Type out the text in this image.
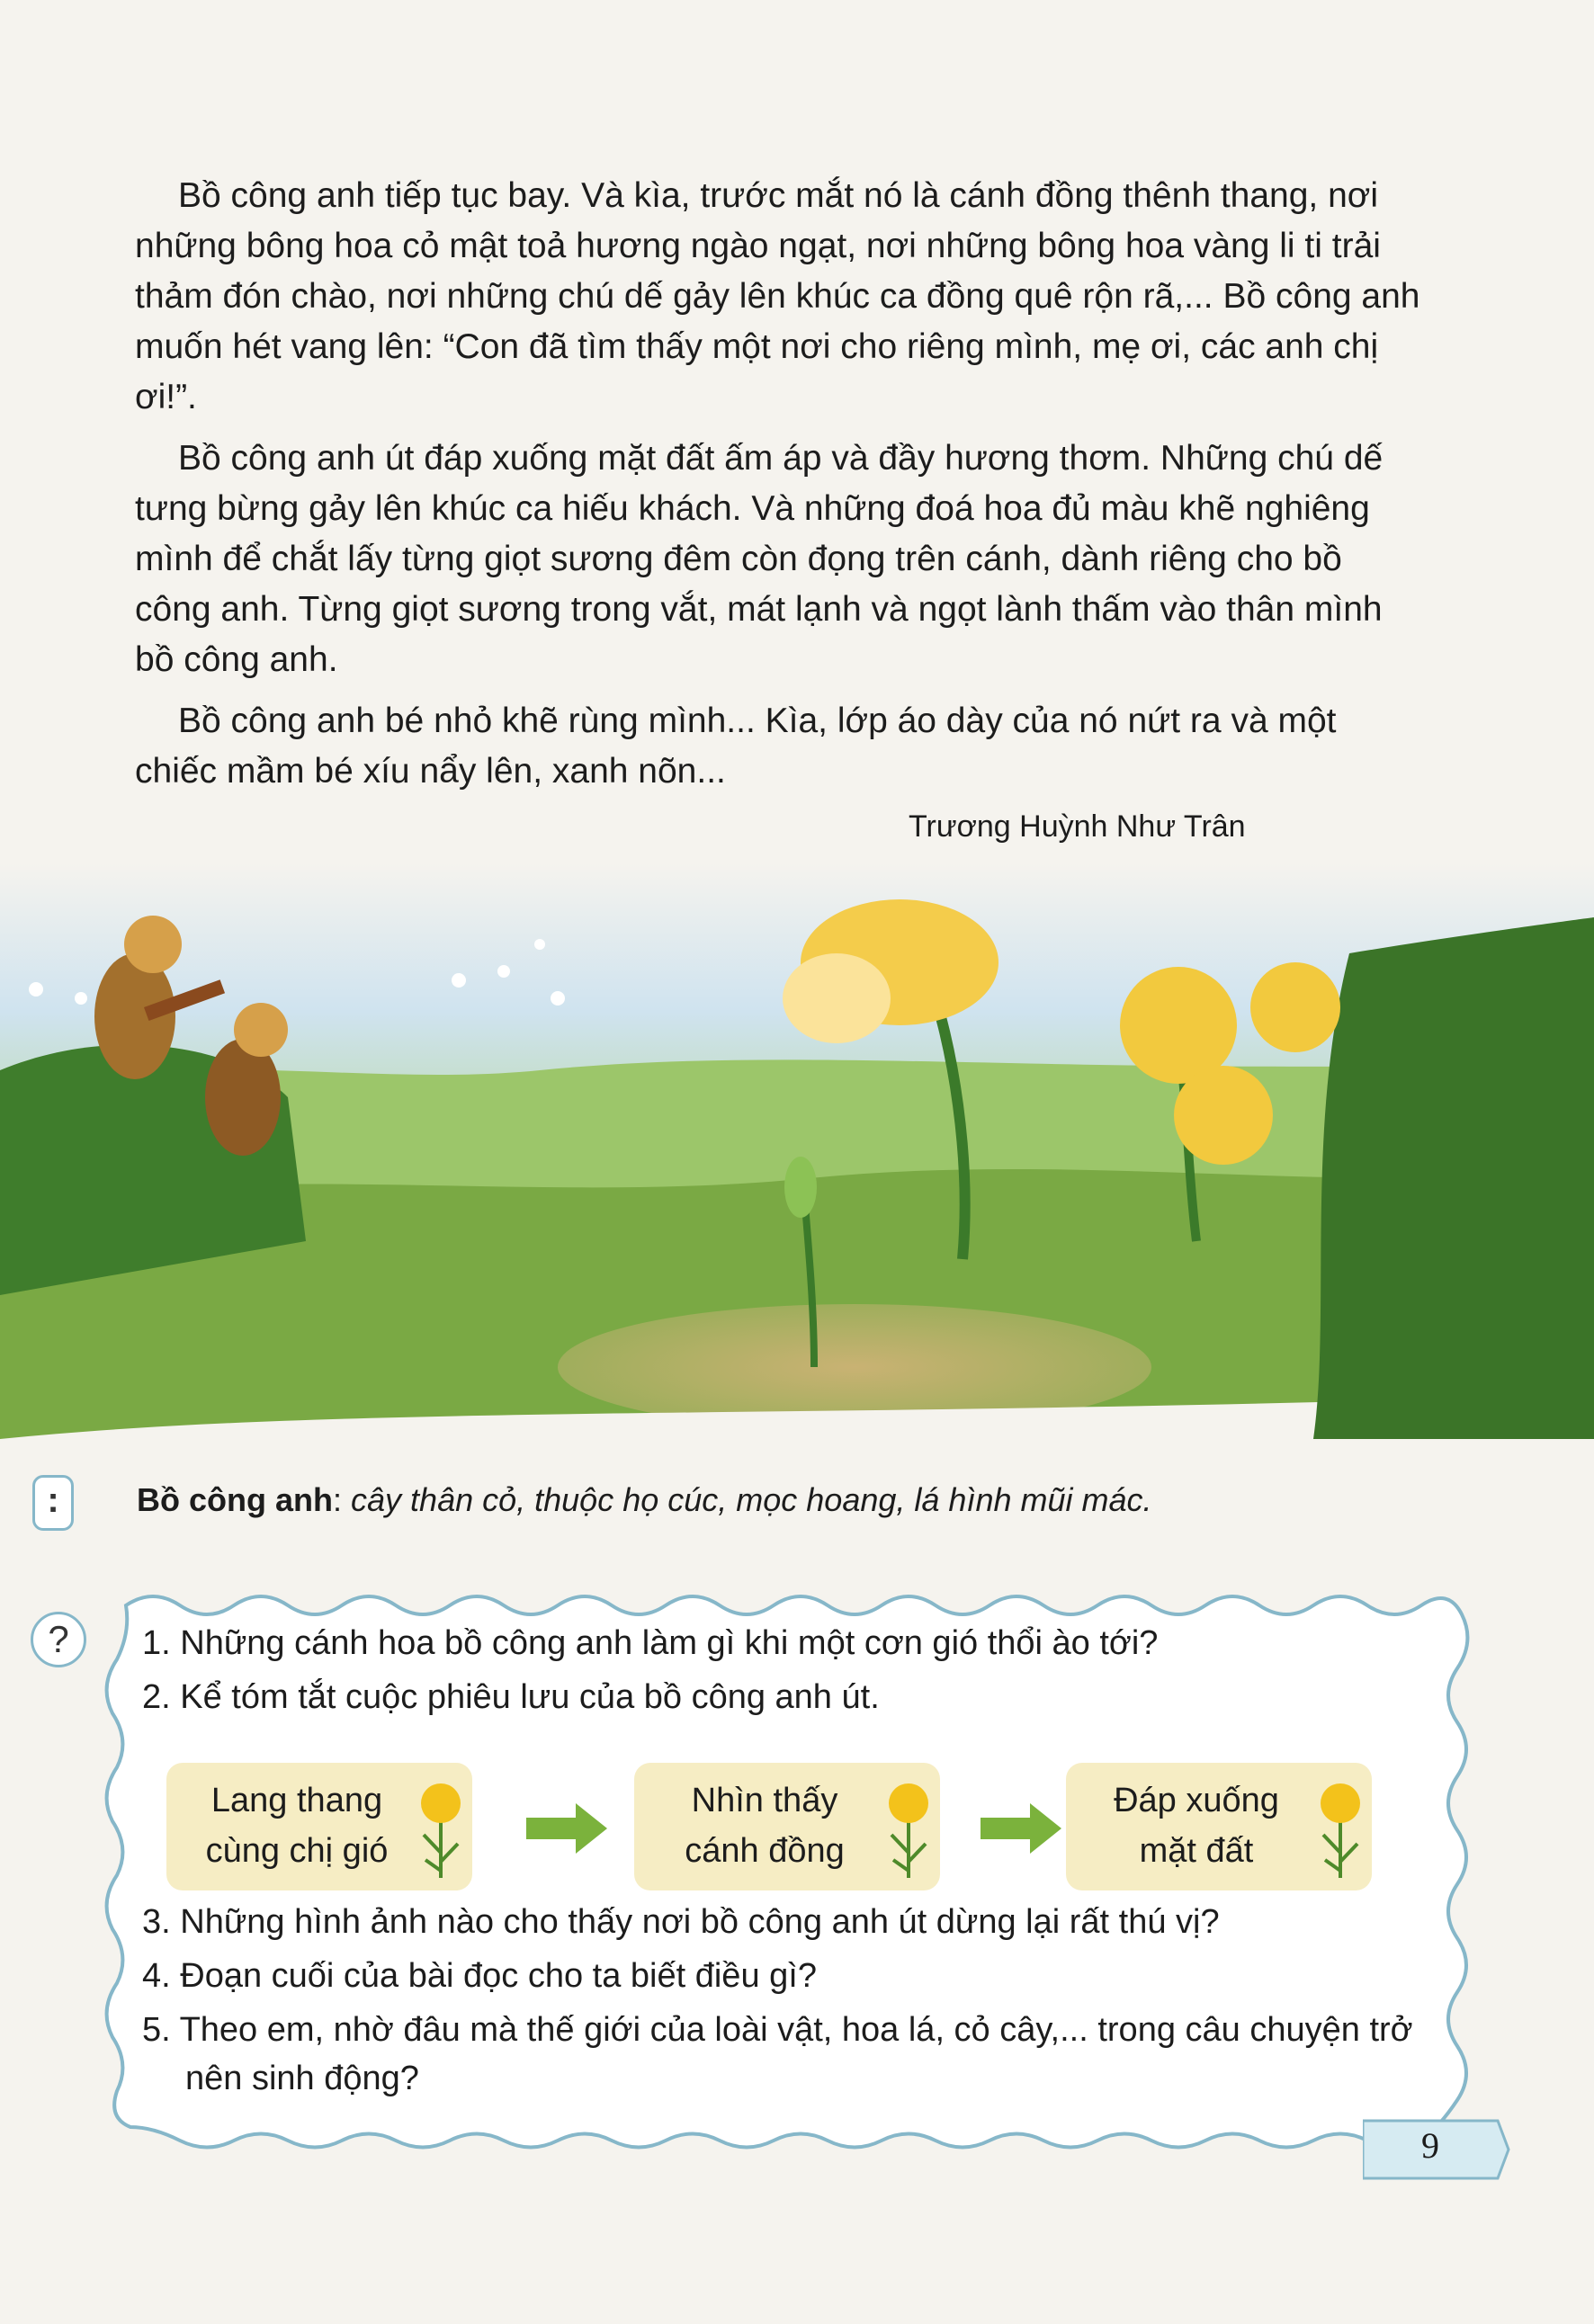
Bồ công anh tiếp tục bay. Và kìa, trước mắt nó là cánh đồng thênh thang, nơi những bông hoa cỏ mật toả hương ngào ngạt, nơi những bông hoa vàng li ti trải thảm đón chào, nơi những chú dế gảy lên khúc ca đồng quê rộn rã,... Bồ công anh muốn hét vang lên: “Con đã tìm thấy một nơi cho riêng mình, mẹ ơi, các anh chị ơi!”.

Bồ công anh út đáp xuống mặt đất ấm áp và đầy hương thơm. Những chú dế tưng bừng gảy lên khúc ca hiếu khách. Và những đoá hoa đủ màu khẽ nghiêng mình để chắt lấy từng giọt sương đêm còn đọng trên cánh, dành riêng cho bồ công anh. Từng giọt sương trong vắt, mát lạnh và ngọt lành thấm vào thân mình bồ công anh.

Bồ công anh bé nhỏ khẽ rùng mình... Kìa, lớp áo dày của nó nứt ra và một chiếc mầm bé xíu nẩy lên, xanh nõn...

Trương Huỳnh Như Trân
:	Bồ công anh: cây thân cỏ, thuộc họ cúc, mọc hoang, lá hình mũi mác.
?	1. Những cánh hoa bồ công anh làm gì khi một cơn gió thổi ào tới?
2. Kể tóm tắt cuộc phiêu lưu của bồ công anh út.
3. Những hình ảnh nào cho thấy nơi bồ công anh út dừng lại rất thú vị?
4. Đoạn cuối của bài đọc cho ta biết điều gì?
5. Theo em, nhờ đâu mà thế giới của loài vật, hoa lá, cỏ cây,... trong câu chuyện trở nên sinh động?
Lang thang
cùng chị gió
Nhìn thấy
cánh đồng
Đáp xuống
mặt đất
9
